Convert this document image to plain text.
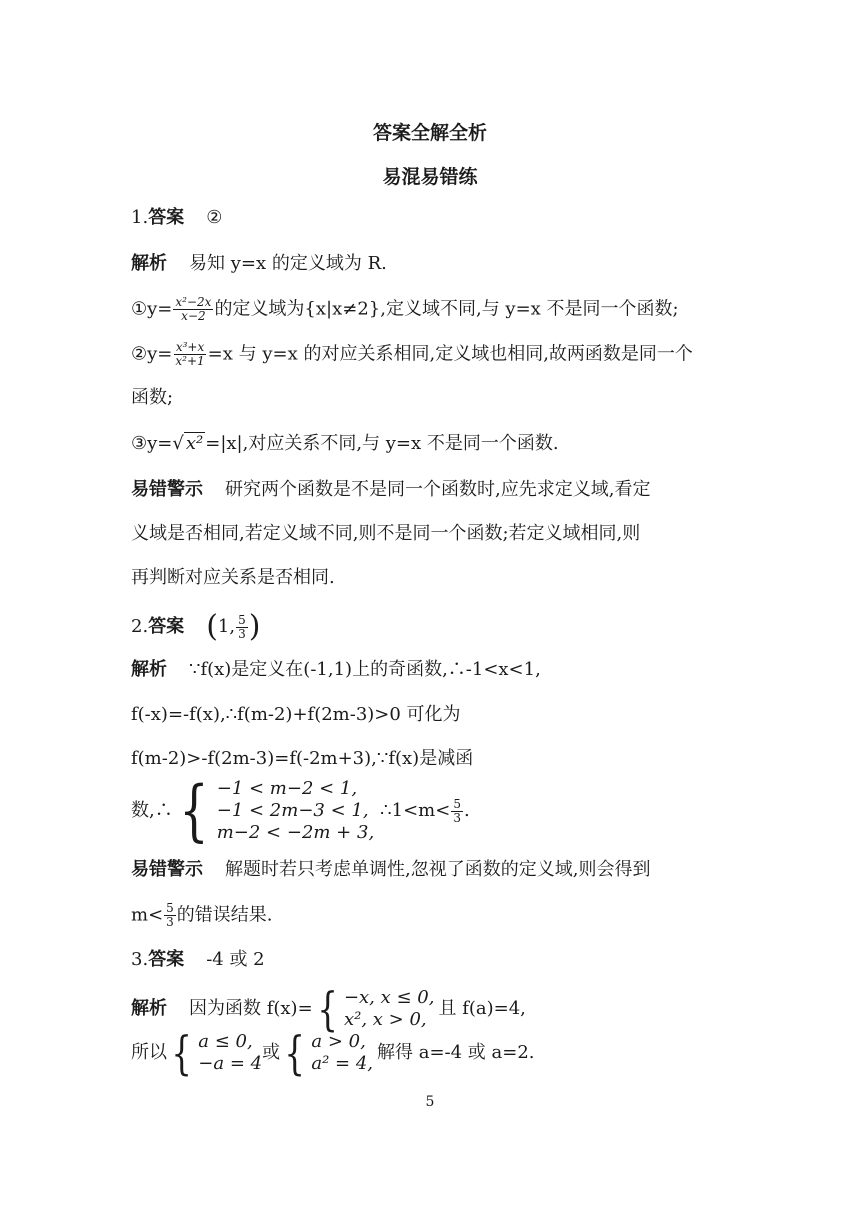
答案全解全析
易混易错练
1.答案 ②
解析 易知 y=x 的定义域为 R.
①y= $\frac{\text{x²−2x}}{x-2}$ 的定义域为{x|x≠2},定义域不同,与 y=x 不是同一个函数;
②y= $\frac{\text{x³+x}}{\text{x²+1}} =x$ 与 y=x 的对应关系相同,定义域也相同,故两函数是同一个
函数;
③y=√ x² =|x|,对应关系不同,与 y=x 不是同一个函数.
易错警示 研究两个函数是不是同一个函数时,应先求定义域,看定
义域是否相同,若定义域不同,则不是同一个函数;若定义域相同,则
再判断对应关系是否相同.
2.答案 (1, $\frac{5}{3}$ )
解析 ∵f(x)是定义在(-1,1)上的奇函数,∴-1<x<1,
f(-x)=-f(x),∴f(m-2)+f(2m-3)>0 可化为
f(m-2)>-f(2m-3)=f(-2m+3),∵f(x)是减函
数,∴ { −1 < m−2 < 1,
−1 < 2m−3 < 1,
m−2 < −2m + 3,
∴1<m< $\frac{5}{3}$ .
易错警示 解题时若只考虑单调性,忽视了函数的定义域,则会得到
$m< \frac{5}{3}$ 的错误结果.
3.答案 -4 或 2
解析 因为函数 f(x)= { −x, x ≤ 0,
x², x > 0,
且 f(a)=4,
所以 { a ≤ 0,
−a = 4
或 { a > 0,
a² = 4,
解得 a=-4 或 a=2.
5
